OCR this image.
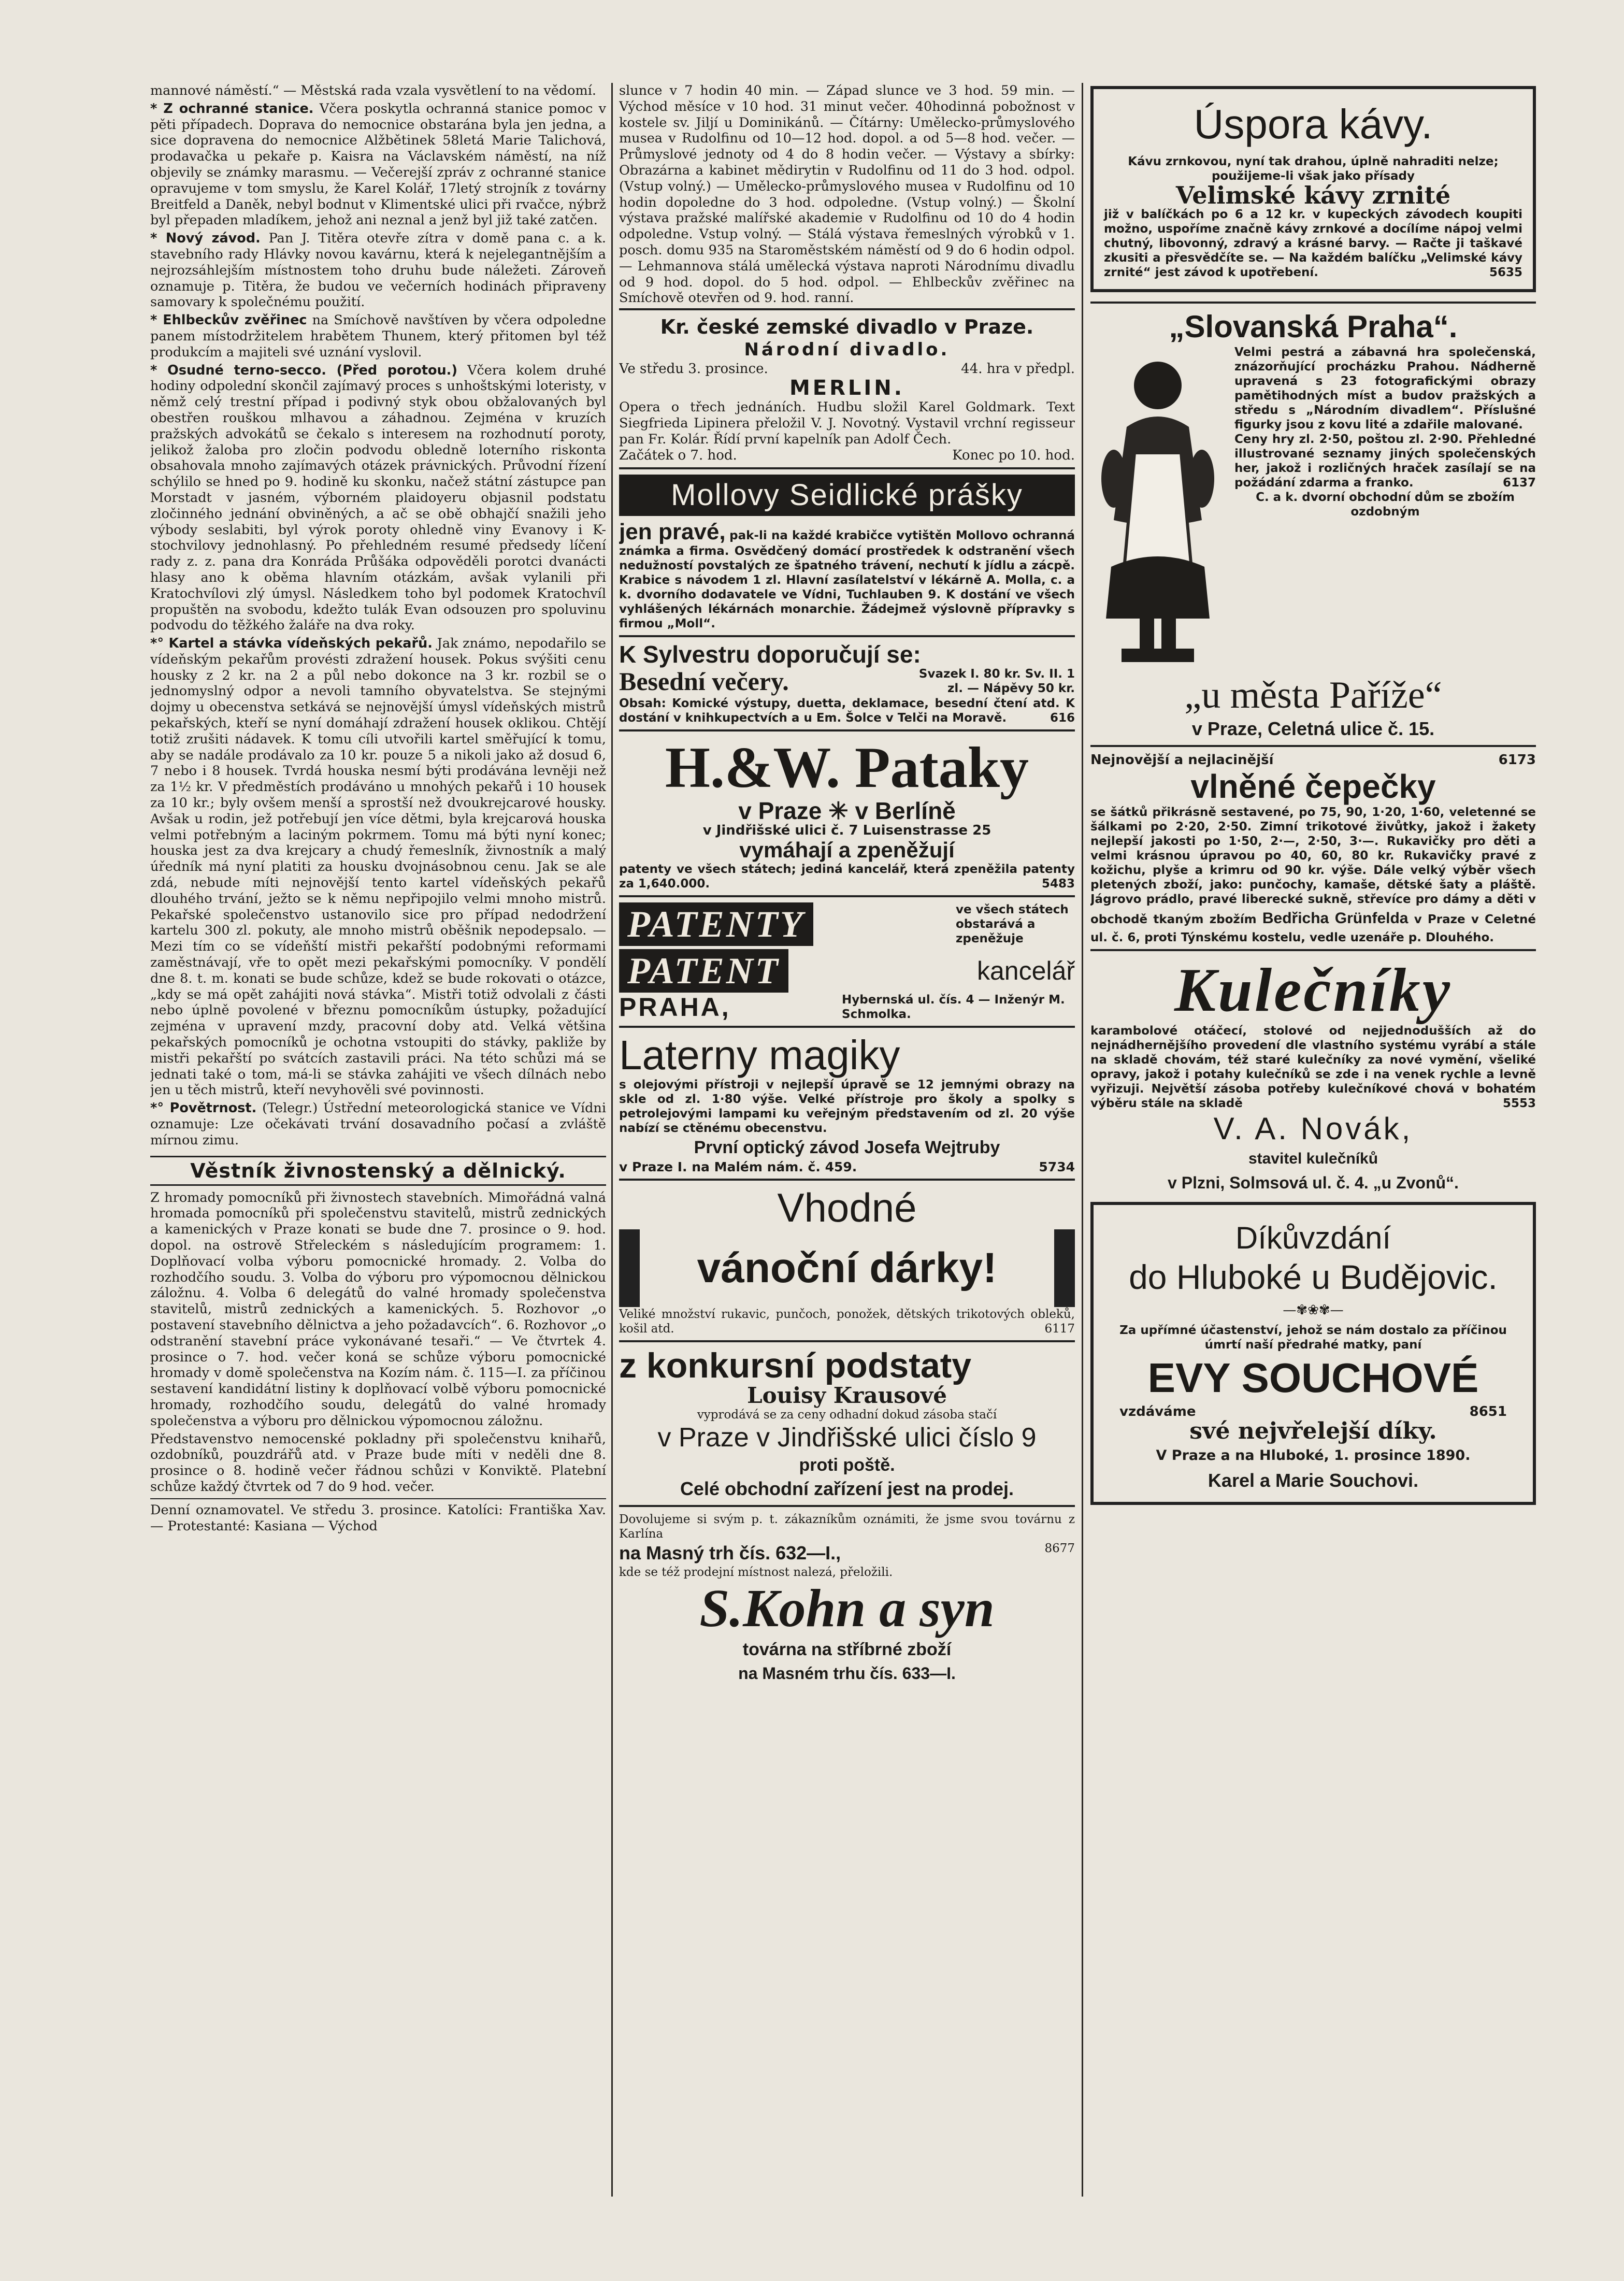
mannové náměstí.“ — Městská rada vzala vysvětlení to na vědomí.

* Z ochranné stanice. Včera poskytla ochranná stanice pomoc v pěti případech. Doprava do nemocnice obstarána byla jen jedna, a sice dopravena do nemocnice Alžbětinek 58letá Marie Talichová, prodavačka u pekaře p. Kaisra na Václavském náměstí, na níž objevily se známky marasmu. — Večerejší zpráv z ochranné stanice opravujeme v tom smyslu, že Karel Kolář, 17letý strojník z továrny Breitfeld a Daněk, nebyl bodnut v Klimentské ulici při rvačce, nýbrž byl přepaden mladíkem, jehož ani neznal a jenž byl již také zatčen.

* Nový závod. Pan J. Titěra otevře zítra v domě pana c. a k. stavebního rady Hlávky novou kavárnu, která k nejelegantnějším a nejrozsáhlejším místnostem toho druhu bude náležeti. Zároveň oznamuje p. Titěra, že budou ve večerních hodinách připraveny samovary k společnému použití.

* Ehlbeckův zvěřinec na Smíchově navštíven by včera odpoledne panem místodržitelem hrabětem Thunem, který přitomen byl též produkcím a majiteli své uznání vyslovil.

* Osudné terno-secco. (Před porotou.) Včera kolem druhé hodiny odpolední skončil zajímavý proces s unhoštskými loteristy, v němž celý trestní případ i podivný styk obou obžalovaných byl obestřen rouškou mlhavou a záhadnou. Zejména v kruzích pražských advokátů se čekalo s interesem na rozhodnutí poroty, jelikož žaloba pro zločin podvodu obledně loterního riskonta obsahovala mnoho zajímavých otázek právnických. Průvodní řízení schýlilo se hned po 9. hodině ku skonku, načež státní zástupce pan Morstadt v jasném, výborném plaidoyeru objasnil podstatu zločinného jednání obviněných, a ač se obě obhajčí snažili jeho výbody seslabiti, byl výrok poroty ohledně viny Evanovy i K-stochvilovy jednohlasný. Po přehledném resumé předsedy líčení rady z. z. pana dra Konráda Průšáka odpověděli porotci dvanácti hlasy ano k oběma hlavním otázkám, avšak vylanili při Kratochvílovi zlý úmysl. Následkem toho byl podomek Kratochvíl propuštěn na svobodu, kdežto tulák Evan odsouzen pro spoluvinu podvodu do těžkého žaláře na dva roky.

*° Kartel a stávka vídeňských pekařů. Jak známo, nepodařilo se vídeňským pekařům provésti zdražení housek. Pokus svýšiti cenu housky z 2 kr. na 2 a půl nebo dokonce na 3 kr. rozbil se o jednomyslný odpor a nevoli tamního obyvatelstva. Se stejnými dojmy u obecenstva setkává se nejnovější úmysl vídeňských mistrů pekařských, kteří se nyní domáhají zdražení housek oklikou. Chtějí totiž zrušiti nádavek. K tomu cíli utvořili kartel směřující k tomu, aby se nadále prodávalo za 10 kr. pouze 5 a nikoli jako až dosud 6, 7 nebo i 8 housek. Tvrdá houska nesmí býti prodávána levněji než za 1½ kr. V předměstích prodáváno u mnohých pekařů i 10 housek za 10 kr.; byly ovšem menší a sprostší než dvoukrejcarové housky. Avšak u rodin, jež potřebují jen více dětmi, byla krejcarová houska velmi potřebným a laciným pokrmem. Tomu má býti nyní konec; houska jest za dva krejcary a chudý řemeslník, živnostník a malý úředník má nyní platiti za housku dvojnásobnou cenu. Jak se ale zdá, nebude míti nejnovější tento kartel vídeňských pekařů dlouhého trvání, ježto se k němu nepřipojilo velmi mnoho mistrů. Pekařské společenstvo ustanovilo sice pro případ nedodržení kartelu 300 zl. pokuty, ale mnoho mistrů oběšnik nepodepsalo. — Mezi tím co se vídeňští mistři pekařští podobnými reformami zaměstnávají, vře to opět mezi pekařskými pomocníky. V pondělí dne 8. t. m. konati se bude schůze, kdež se bude rokovati o otázce, „kdy se má opět zahájiti nová stávka“. Mistři totiž odvolali z části nebo úplně povolené v březnu pomocníkům ústupky, požadující zejména v upravení mzdy, pracovní doby atd. Velká většina pekařských pomocníků je ochotna vstoupiti do stávky, pakliže by mistři pekařští po svátcích zastavili práci. Na této schůzi má se jednati také o tom, má-li se stávka zahájiti ve všech dílnách nebo jen u těch mistrů, kteří nevyhověli své povinnosti.

*° Povětrnost. (Telegr.) Ústřední meteorologická stanice ve Vídni oznamuje: Lze očekávati trvání dosavadního počasí a zvláště mírnou zimu.

Věstník živnostenský a dělnický.

Z hromady pomocníků při živnostech stavebních. Mimořádná valná hromada pomocníků při společenstvu stavitelů, mistrů zednických a kamenických v Praze konati se bude dne 7. prosince o 9. hod. dopol. na ostrově Střeleckém s následujícím programem: 1. Doplňovací volba výboru pomocnické hromady. 2. Volba do rozhodčího soudu. 3. Volba do výboru pro výpomocnou dělnickou záložnu. 4. Volba 6 delegátů do valné hromady společenstva stavitelů, mistrů zednických a kamenických. 5. Rozhovor „o postavení stavebního dělnictva a jeho požadavcích“. 6. Rozhovor „o odstranění stavební práce vykonávané tesaři.“ — Ve čtvrtek 4. prosince o 7. hod. večer koná se schůze výboru pomocnické hromady v domě společenstva na Kozím nám. č. 115—I. za příčinou sestavení kandidátní listiny k doplňovací volbě výboru pomocnické hromady, rozhodčího soudu, delegátů do valné hromady společenstva a výboru pro dělnickou výpomocnou záložnu.

Představenstvo nemocenské pokladny při společenstvu knihařů, ozdobníků, pouzdrářů atd. v Praze bude míti v neděli dne 8. prosince o 8. hodině večer řádnou schůzi v Konviktě. Platební schůze každý čtvrtek od 7 do 9 hod. večer.

Denní oznamovatel. Ve středu 3. prosince. Katolíci: Františka Xav. — Protestanté: Kasiana — Východ

slunce v 7 hodin 40 min. — Západ slunce ve 3 hod. 59 min. — Východ měsíce v 10 hod. 31 minut večer. 40hodinná pobožnost v kostele sv. Jiljí u Dominikánů. — Čítárny: Umělecko-průmyslového musea v Rudolfinu od 10—12 hod. dopol. a od 5—8 hod. večer. — Průmyslové jednoty od 4 do 8 hodin večer. — Výstavy a sbírky: Obrazárna a kabinet mědirytin v Rudolfinu od 11 do 3 hod. odpol. (Vstup volný.) — Umělecko-průmyslového musea v Rudolfinu od 10 hodin dopoledne do 3 hod. odpoledne. (Vstup volný.) — Školní výstava pražské malířské akademie v Rudolfinu od 10 do 4 hodin odpoledne. Vstup volný. — Stálá výstava řemeslných výrobků v 1. posch. domu 935 na Staroměstském náměstí od 9 do 6 hodin odpol. — Lehmannova stálá umělecká výstava naproti Národnímu divadlu od 9 hod. dopol. do 5 hod. odpol. — Ehlbeckův zvěřinec na Smíchově otevřen od 9. hod. ranní.

Kr. české zemské divadlo v Praze.
Národní divadlo.
Ve středu 3. prosince.	44. hra v předpl.
MERLIN.

Opera o třech jednáních. Hudbu složil Karel Goldmark. Text Siegfrieda Lipinera přeložil V. J. Novotný. Vystavil vrchní regisseur pan Fr. Kolár. Řídí první kapelník pan Adolf Čech.

Začátek o 7. hod.	Konec po 10. hod.
Mollovy Seidlické prášky

jen pravé, pak-li na každé krabičce vytištěn Mollovo ochranná známka a firma. Osvědčený domácí prostředek k odstranění všech nedužností povstalých ze špatného trávení, nechutí k jídlu a zácpě. Krabice s návodem 1 zl. Hlavní zasílatelství v lékárně A. Molla, c. a k. dvorního dodavatele ve Vídni, Tuchlauben 9. K dostání ve všech vyhlášených lékárnách monarchie. Žádejmež výslovně přípravky s firmou „Moll“.

K Sylvestru doporučují se:
Besední večery.	Svazek I. 80 kr. Sv. II. 1 zl. — Nápěvy 50 kr.

Obsah: Komické výstupy, duetta, deklamace, besední čtení atd. K dostání v knihkupectvích a u Em. Šolce v Telči na Moravě.	616

H.&W. Pataky
v Praze ✳ v Berlíně
v Jindřišské ulici č. 7 Luisenstrasse 25
vymáhají a zpeněžují

patenty ve všech státech; jediná kancelář, která zpeněžila patenty za 1,640.000.	5483

PATENTY	ve všech státech obstarává a zpeněžuje
PATENT	kancelář
PRAHA,	Hybernská ul. čís. 4 — Inženýr M. Schmolka.
Laterny magiky

s olejovými přístroji v nejlepší úpravě se 12 jemnými obrazy na skle od zl. 1·80 výše. Velké přístroje pro školy a spolky s petrolejovými lampami ku veřejným představením od zl. 20 výše nabízí se ctěnému obecenstvu.

První optický závod Josefa Wejtruby
v Praze I. na Malém nám. č. 459.	5734
Vhodné
vánoční dárky!

Veliké množství rukavic, punčoch, ponožek, dětských trikotových obleků, košil atd.	6117

z konkursní podstaty
Louisy Krausové
vyprodává se za ceny odhadní dokud zásoba stačí
v Praze v Jindřišské ulici číslo 9
proti poště.
Celé obchodní zařízení jest na prodej.

Dovolujeme si svým p. t. zákazníkům oznámiti, že jsme svou továrnu z Karlína

na Masný trh čís. 632—I.,	8677

kde se též prodejní místnost nalezá, přeložili.

S.Kohn a syn
továrna na stříbrné zboží
na Masném trhu čís. 633—I.
Úspora kávy.

Kávu zrnkovou, nyní tak drahou, úplně nahraditi nelze; použijeme-li však jako přísady

Velimské kávy zrnité

již v balíčkách po 6 a 12 kr. v kupeckých závodech koupiti možno, uspoříme značně kávy zrnkové a docílíme nápoj velmi chutný, libovonný, zdravý a krásné barvy. — Račte ji taškavé zkusiti a přesvědčíte se. — Na každém balíčku „Velimské kávy zrnité“ jest závod k upotřebení.	5635

„Slovanská Praha“.

Velmi pestrá a zábavná hra společenská, znázorňující procházku Prahou. Nádherně upravená s 23 fotografickými obrazy pamětihodných míst a budov pražských a středu s „Národním divadlem“. Příslušné figurky jsou z kovu lité a zdařile malované.

Ceny hry zl. 2·50, poštou zl. 2·90. Přehledné illustrované seznamy jiných společenských her, jakož i rozličných hraček zasílají se na požádání zdarma a franko.	6137

C. a k. dvorní obchodní dům se zbožím ozdobným

„u města Paříže“
v Praze, Celetná ulice č. 15.
Nejnovější a nejlacinější	6173
vlněné čepečky

se šátků přikrásně sestavené, po 75, 90, 1·20, 1·60, veletenné se šálkami po 2·20, 2·50. Zimní trikotové živůtky, jakož i žakety nejlepší jakosti po 1·50, 2·—, 2·50, 3·—. Rukavičky pro děti a velmi krásnou úpravou po 40, 60, 80 kr. Rukavičky pravé z kožichu, plyše a krimru od 90 kr. výše. Dále velký výběr všech pletených zboží, jako: punčochy, kamaše, dětské šaty a pláště. Jágrovo prádlo, pravé liberecké sukně, střevíce pro dámy a děti v obchodě tkaným zbožím Bedřicha Grünfelda v Praze v Celetné ul. č. 6, proti Týnskému kostelu, vedle uzenáře p. Dlouhého.

Kulečníky

karambolové otáčecí, stolové od nejjednodušších až do nejnádhernějšího provedení dle vlastního systému vyrábí a stále na skladě chovám, též staré kulečníky za nové vymění, všeliké opravy, jakož i potahy kulečníků se zde i na venek rychle a levně vyřizuji. Největší zásoba potřeby kulečníkové chová v bohatém výběru stále na skladě	5553

V. A. Novák,
stavitel kulečníků
v Plzni, Solmsová ul. č. 4. „u Zvonů“.
Díkůvzdání
do Hluboké u Budějovic.
—✾❀✾—

Za upřímné účastenství, jehož se nám dostalo za příčinou úmrtí naší předrahé matky, paní

EVY SOUCHOVÉ
vzdáváme	8651
své nejvřelejší díky.
V Praze a na Hluboké, 1. prosince 1890.
Karel a Marie Souchovi.
